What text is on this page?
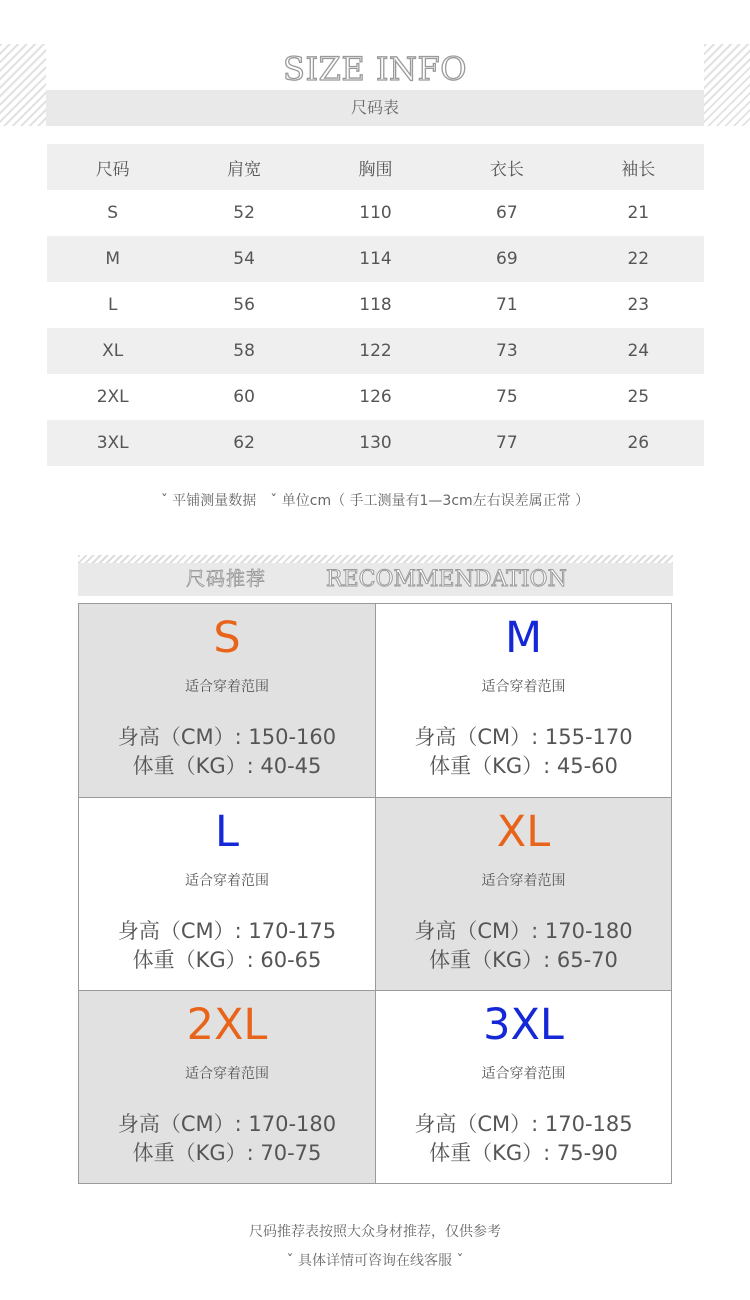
SIZE INFO
尺码表
尺码	肩宽	胸围	衣长	袖长
S	52	110	67	21
M	54	114	69	22
L	56	118	71	23
XL	58	122	73	24
2XL	60	126	75	25
3XL	62	130	77	26
ˇ 平铺测量数据　ˇ 单位cm（ 手工测量有1—3cm左右误差属正常 ）
尺码推荐	RECOMMENDATION
S
适合穿着范围
身高（CM）: 150-160
体重（KG）: 40-45
M
适合穿着范围
身高（CM）: 155-170
体重（KG）: 45-60
L
适合穿着范围
身高（CM）: 170-175
体重（KG）: 60-65
XL
适合穿着范围
身高（CM）: 170-180
体重（KG）: 65-70
2XL
适合穿着范围
身高（CM）: 170-180
体重（KG）: 70-75
3XL
适合穿着范围
身高（CM）: 170-185
体重（KG）: 75-90
尺码推荐表按照大众身材推荐，仅供参考
ˇ 具体详情可咨询在线客服 ˇ
